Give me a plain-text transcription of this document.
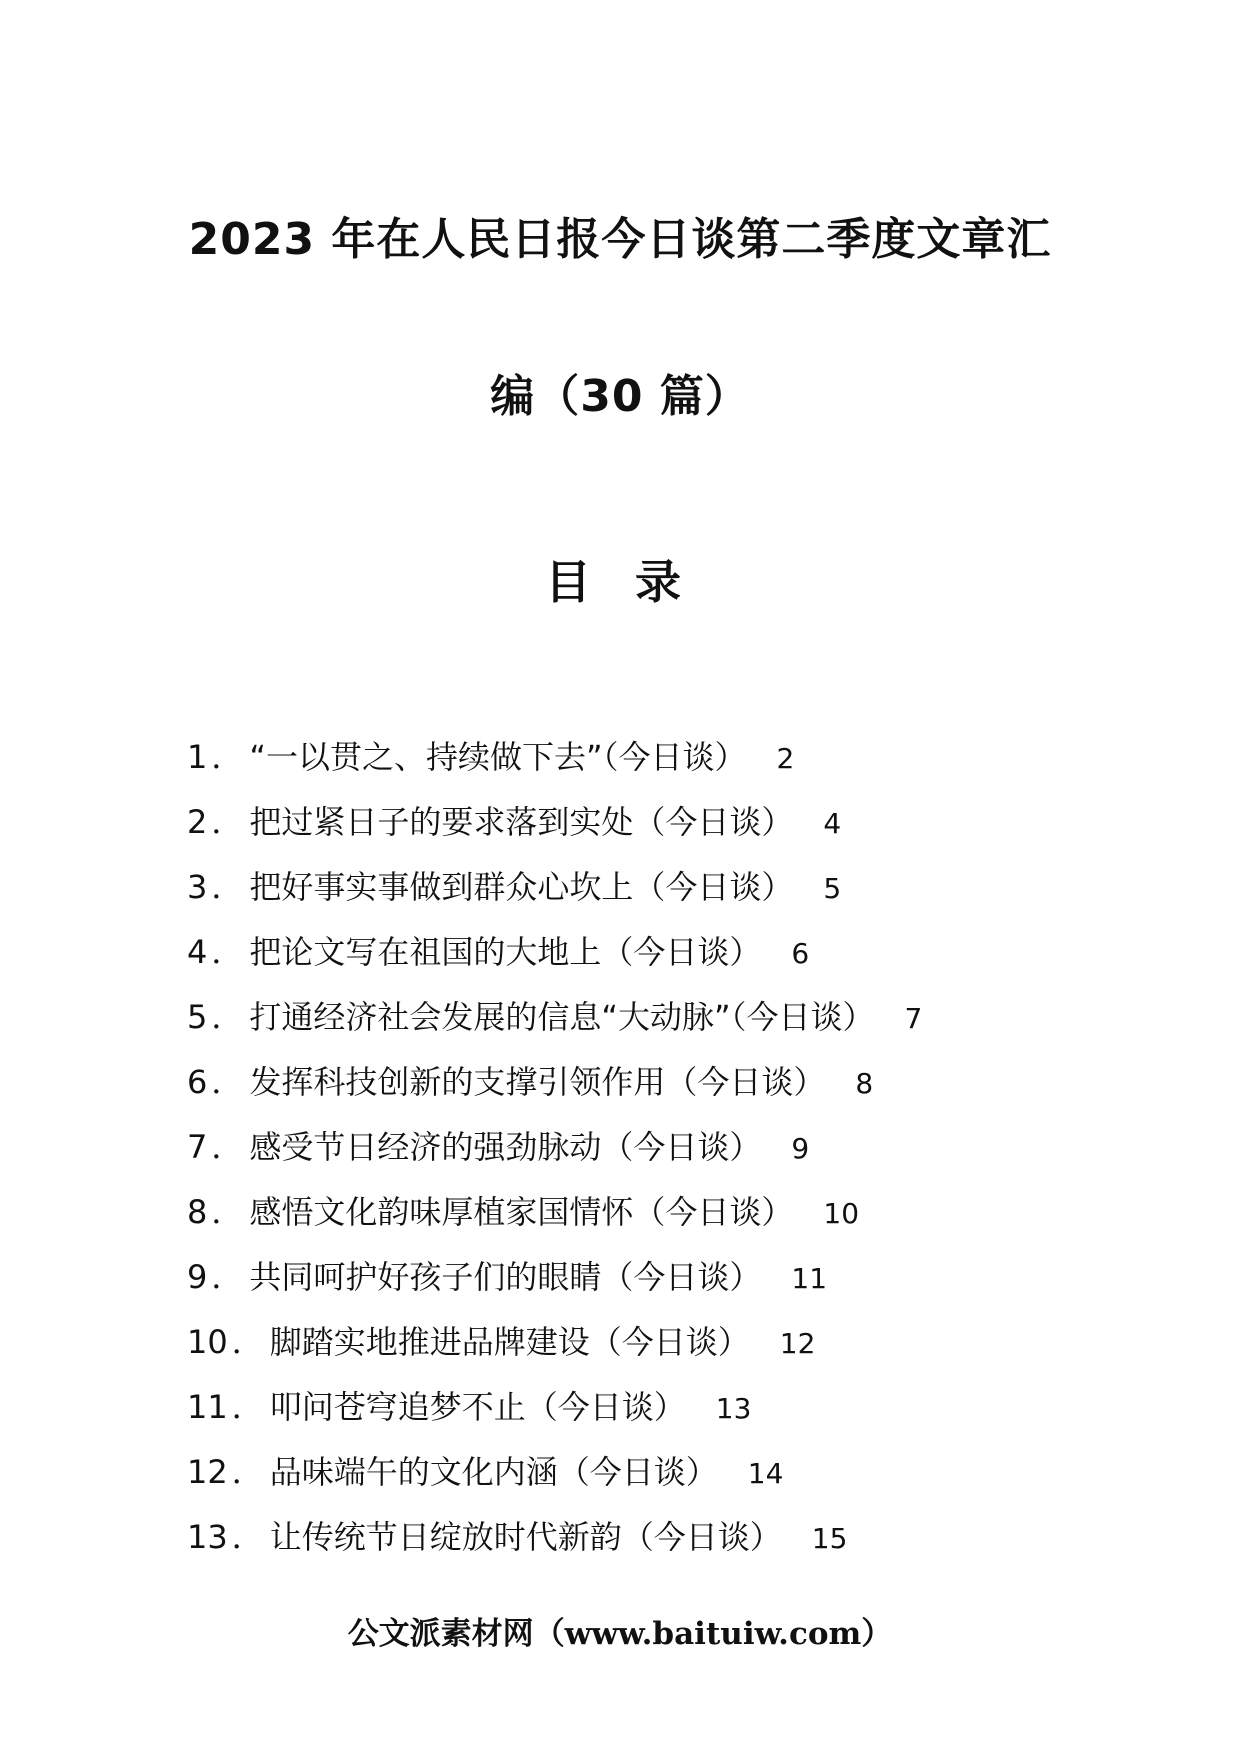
2023 年在人民日报今日谈第二季度文章汇
编（30 篇）
目 录
1 ． “一以贯之、持续做下去”（今日谈） 2
2 ． 把过紧日子的要求落到实处（今日谈） 4
3 ． 把好事实事做到群众心坎上（今日谈） 5
4 ． 把论文写在祖国的大地上（今日谈） 6
5 ． 打通经济社会发展的信息“大动脉”（今日谈） 7
6 ． 发挥科技创新的支撑引领作用（今日谈） 8
7 ． 感受节日经济的强劲脉动（今日谈） 9
8 ． 感悟文化韵味厚植家国情怀（今日谈） 10
9 ． 共同呵护好孩子们的眼睛（今日谈） 11
10 ． 脚踏实地推进品牌建设（今日谈） 12
11 ． 叩问苍穹追梦不止（今日谈） 13
12 ． 品味端午的文化内涵（今日谈） 14
13 ． 让传统节日绽放时代新韵（今日谈） 15
公文派素材网（www.baituiw.com）
